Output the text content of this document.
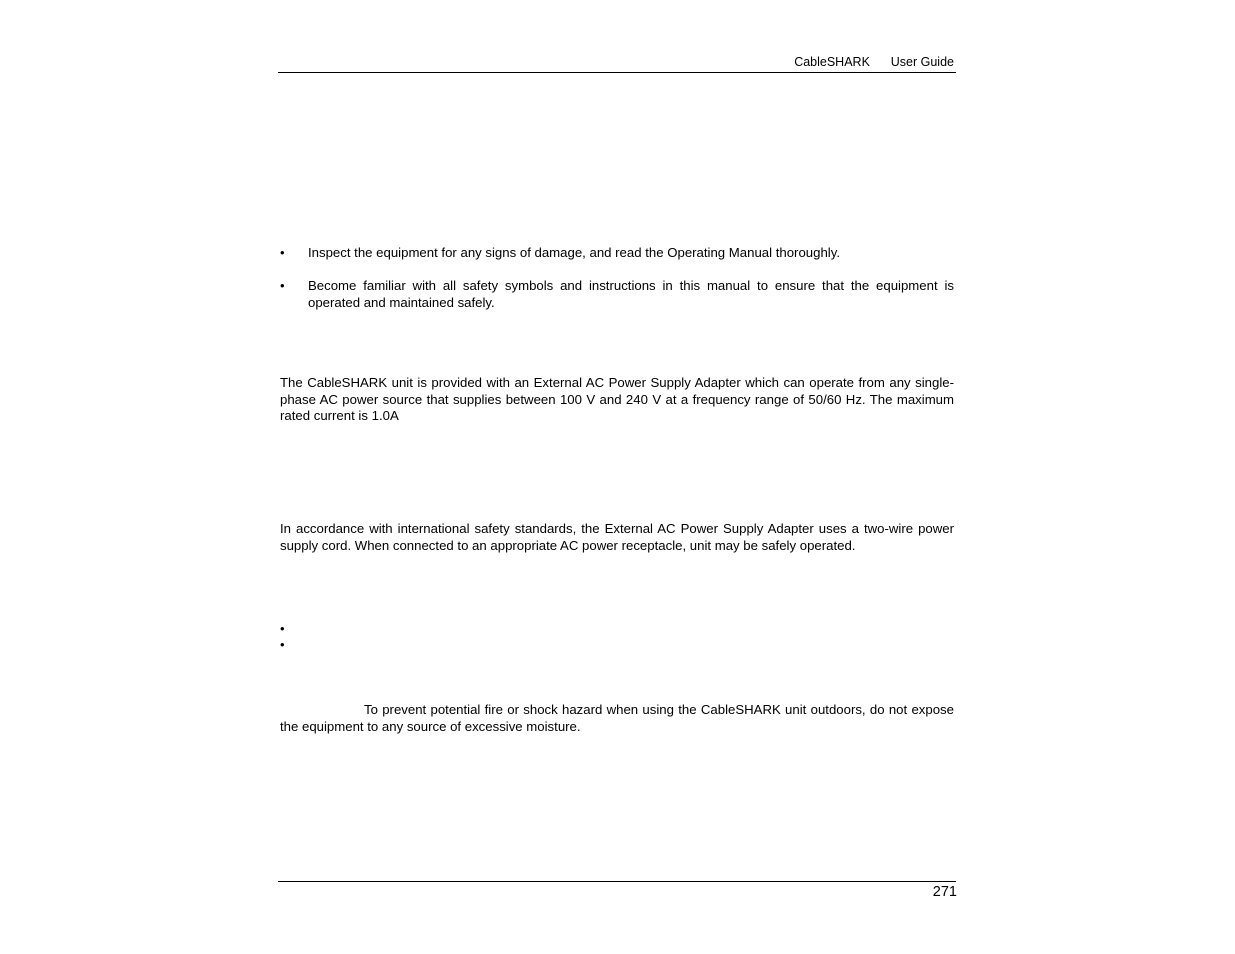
CableSHARK User Guide
•	Inspect the equipment for any signs of damage, and read the Operating Manual thoroughly.
•	Become familiar with all safety symbols and instructions in this manual to ensure that the equipment is operated and maintained safely.
The CableSHARK unit is provided with an External AC Power Supply Adapter which can operate from any single-phase AC power source that supplies between 100 V and 240 V at a frequency range of 50/60 Hz. The maximum rated current is 1.0A
In accordance with international safety standards, the External AC Power Supply Adapter uses a two-wire power supply cord. When connected to an appropriate AC power receptacle, unit may be safely operated.
•
•
To prevent potential fire or shock hazard when using the CableSHARK unit outdoors, do not expose the equipment to any source of excessive moisture.
271
